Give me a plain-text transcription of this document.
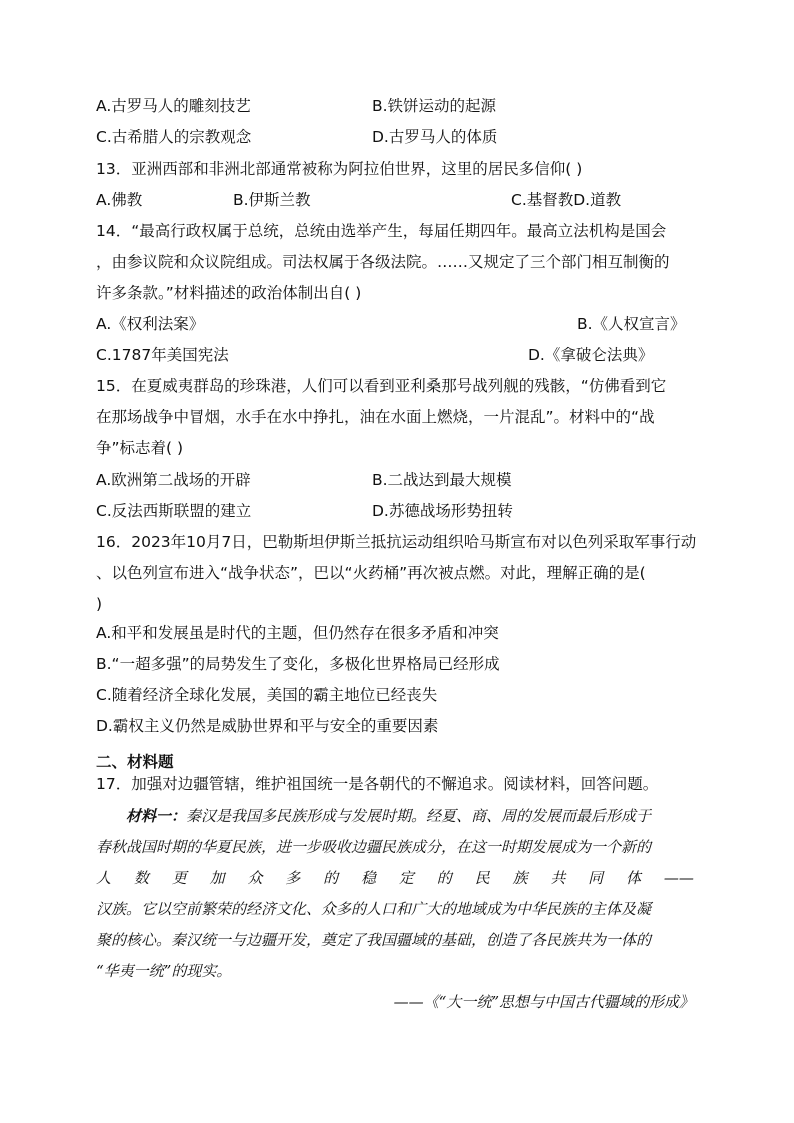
A.古罗马人的雕刻技艺	B.铁饼运动的起源
C.古希腊人的宗教观念	D.古罗马人的体质
13．亚洲西部和非洲北部通常被称为阿拉伯世界，这里的居民多信仰( )
A.佛教	B.伊斯兰教	C.基督教D.道教
14．“最高行政权属于总统，总统由选举产生，每届任期四年。最高立法机构是国会
，由参议院和众议院组成。司法权属于各级法院。……又规定了三个部门相互制衡的
许多条款。”材料描述的政治体制出自( )
A.《权利法案》	B.《人权宣言》
C.1787年美国宪法	D.《拿破仑法典》
15．在夏威夷群岛的珍珠港，人们可以看到亚利桑那号战列舰的残骸，“仿佛看到它
在那场战争中冒烟，水手在水中挣扎，油在水面上燃烧，一片混乱”。材料中的“战
争”标志着( )
A.欧洲第二战场的开辟	B.二战达到最大规模
C.反法西斯联盟的建立	D.苏德战场形势扭转
16．2023年10月7日，巴勒斯坦伊斯兰抵抗运动组织哈马斯宣布对以色列采取军事行动
、以色列宣布进入“战争状态”，巴以“火药桶”再次被点燃。对此，理解正确的是(
)
A.和平和发展虽是时代的主题，但仍然存在很多矛盾和冲突
B.“一超多强”的局势发生了变化，多极化世界格局已经形成
C.随着经济全球化发展，美国的霸主地位已经丧失
D.霸权主义仍然是威胁世界和平与安全的重要因素
二、材料题
17．加强对边疆管辖，维护祖国统一是各朝代的不懈追求。阅读材料，回答问题。
材料一：秦汉是我国多民族形成与发展时期。经夏、商、周的发展而最后形成于
春秋战国时期的华夏民族，进一步吸收边疆民族成分，在这一时期发展成为一个新的
人 数 更 加 众 多 的 稳 定 的 民 族 共 同 体 ——
汉族。它以空前繁荣的经济文化、众多的人口和广大的地域成为中华民族的主体及凝
聚的核心。秦汉统一与边疆开发，奠定了我国疆域的基础，创造了各民族共为一体的
“华夷一统”的现实。
——《“大一统”思想与中国古代疆域的形成》
